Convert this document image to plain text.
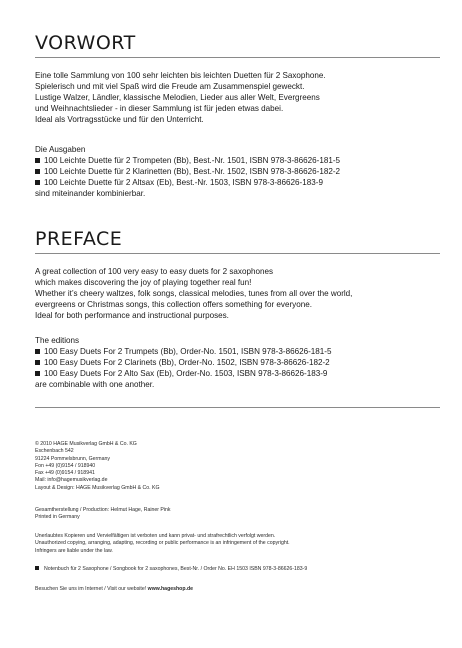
VORWORT

Eine tolle Sammlung von 100 sehr leichten bis leichten Duetten für 2 Saxophone.

Spielerisch und mit viel Spaß wird die Freude am Zusammenspiel geweckt.

Lustige Walzer, Ländler, klassische Melodien, Lieder aus aller Welt, Evergreens

und Weihnachtslieder - in dieser Sammlung ist für jeden etwas dabei.

Ideal als Vortragsstücke und für den Unterricht.

Die Ausgaben

100 Leichte Duette für 2 Trompeten (Bb), Best.-Nr. 1501, ISBN 978-3-86626-181-5

100 Leichte Duette für 2 Klarinetten (Bb), Best.-Nr. 1502, ISBN 978-3-86626-182-2

100 Leichte Duette für 2 Altsax (Eb), Best.-Nr. 1503, ISBN 978-3-86626-183-9

sind miteinander kombinierbar.

PREFACE

A great collection of 100 very easy to easy duets for 2 saxophones

which makes discovering the joy of playing together real fun!

Whether it’s cheery waltzes, folk songs, classical melodies, tunes from all over the world,

evergreens or Christmas songs, this collection offers something for everyone.

Ideal for both performance and instructional purposes.

The editions

100 Easy Duets For 2 Trumpets (Bb), Order-No. 1501, ISBN 978-3-86626-181-5

100 Easy Duets For 2 Clarinets (Bb), Order-No. 1502, ISBN 978-3-86626-182-2

100 Easy Duets For 2 Alto Sax (Eb), Order-No. 1503, ISBN 978-3-86626-183-9

are combinable with one another.

© 2010 HAGE Musikverlag GmbH & Co. KG

Eschenbach 542

91224 Pommelsbrunn, Germany

Fon +49 (0)9154 / 918940

Fax +49 (0)9154 / 918941

Mail: info@hagemusikverlag.de

Layout & Design: HAGE Musikverlag GmbH & Co. KG

Gesamtherstellung / Production: Helmut Hage, Rainer Pink

Printed in Germany

Unerlaubtes Kopieren und Vervielfältigen ist verboten und kann privat- und strafrechtlich verfolgt werden.

Unauthorized copying, arranging, adapting, recording or public performance is an infringement of the copyright.

Infringers are liable under the law.

Notenbuch für 2 Saxophone / Songbook for 2 saxophones, Best-Nr. / Order No. EH 1503 ISBN 978-3-86626-183-9

Besuchen Sie uns im Internet / Visit our website! www.hageshop.de
